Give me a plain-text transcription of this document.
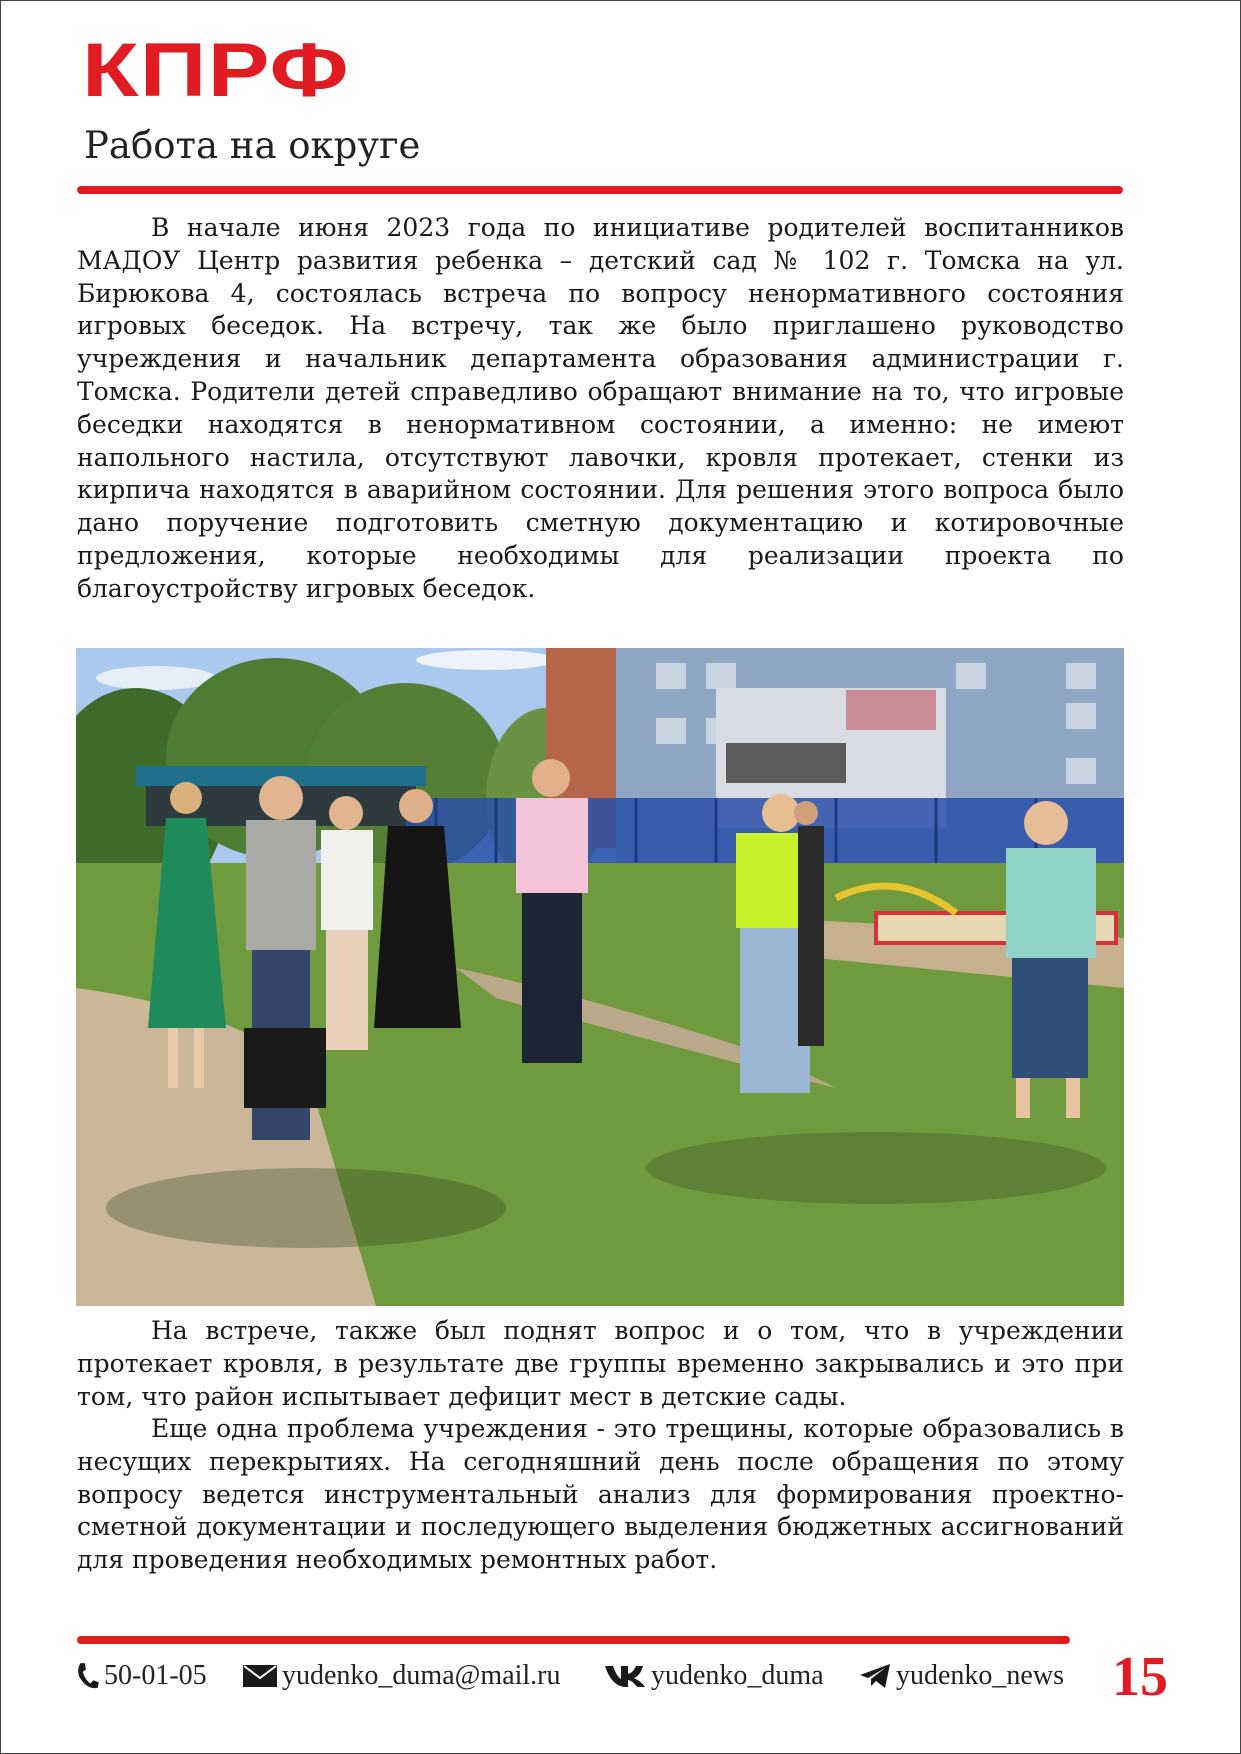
КПРФ
Работа на округе

В начале июня 2023 года по инициативе родителей воспитанников МАДОУ Центр развития ребенка – детский сад № 102 г. Томска на ул. Бирюкова 4, состоялась встреча по вопросу ненормативного состояния игровых беседок. На встречу, так же было приглашено руководство учреждения и начальник департамента образования администрации г. Томска. Родители детей справедливо обращают внимание на то, что игровые беседки находятся в ненормативном состоянии, а именно: не имеют напольного настила, отсутствуют лавочки, кровля протекает, стенки из кирпича находятся в аварийном состоянии. Для решения этого вопроса было дано поручение подготовить сметную документацию и котировочные предложения, которые необходимы для реализации проекта по благоустройству игровых беседок.

На встрече, также был поднят вопрос и о том, что в учреждении протекает кровля, в результате две группы временно закрывались и это при том, что район испытывает дефицит мест в детские сады.

Еще одна проблема учреждения - это трещины, которые образовались в несущих перекрытиях. На сегодняшний день после обращения по этому вопросу ведется инструментальный анализ для формирования проектно-сметной документации и последующего выделения бюджетных ассигнований для проведения необходимых ремонтных работ.

50-01-05	yudenko_duma@mail.ru	yudenko_duma	yudenko_news 15
